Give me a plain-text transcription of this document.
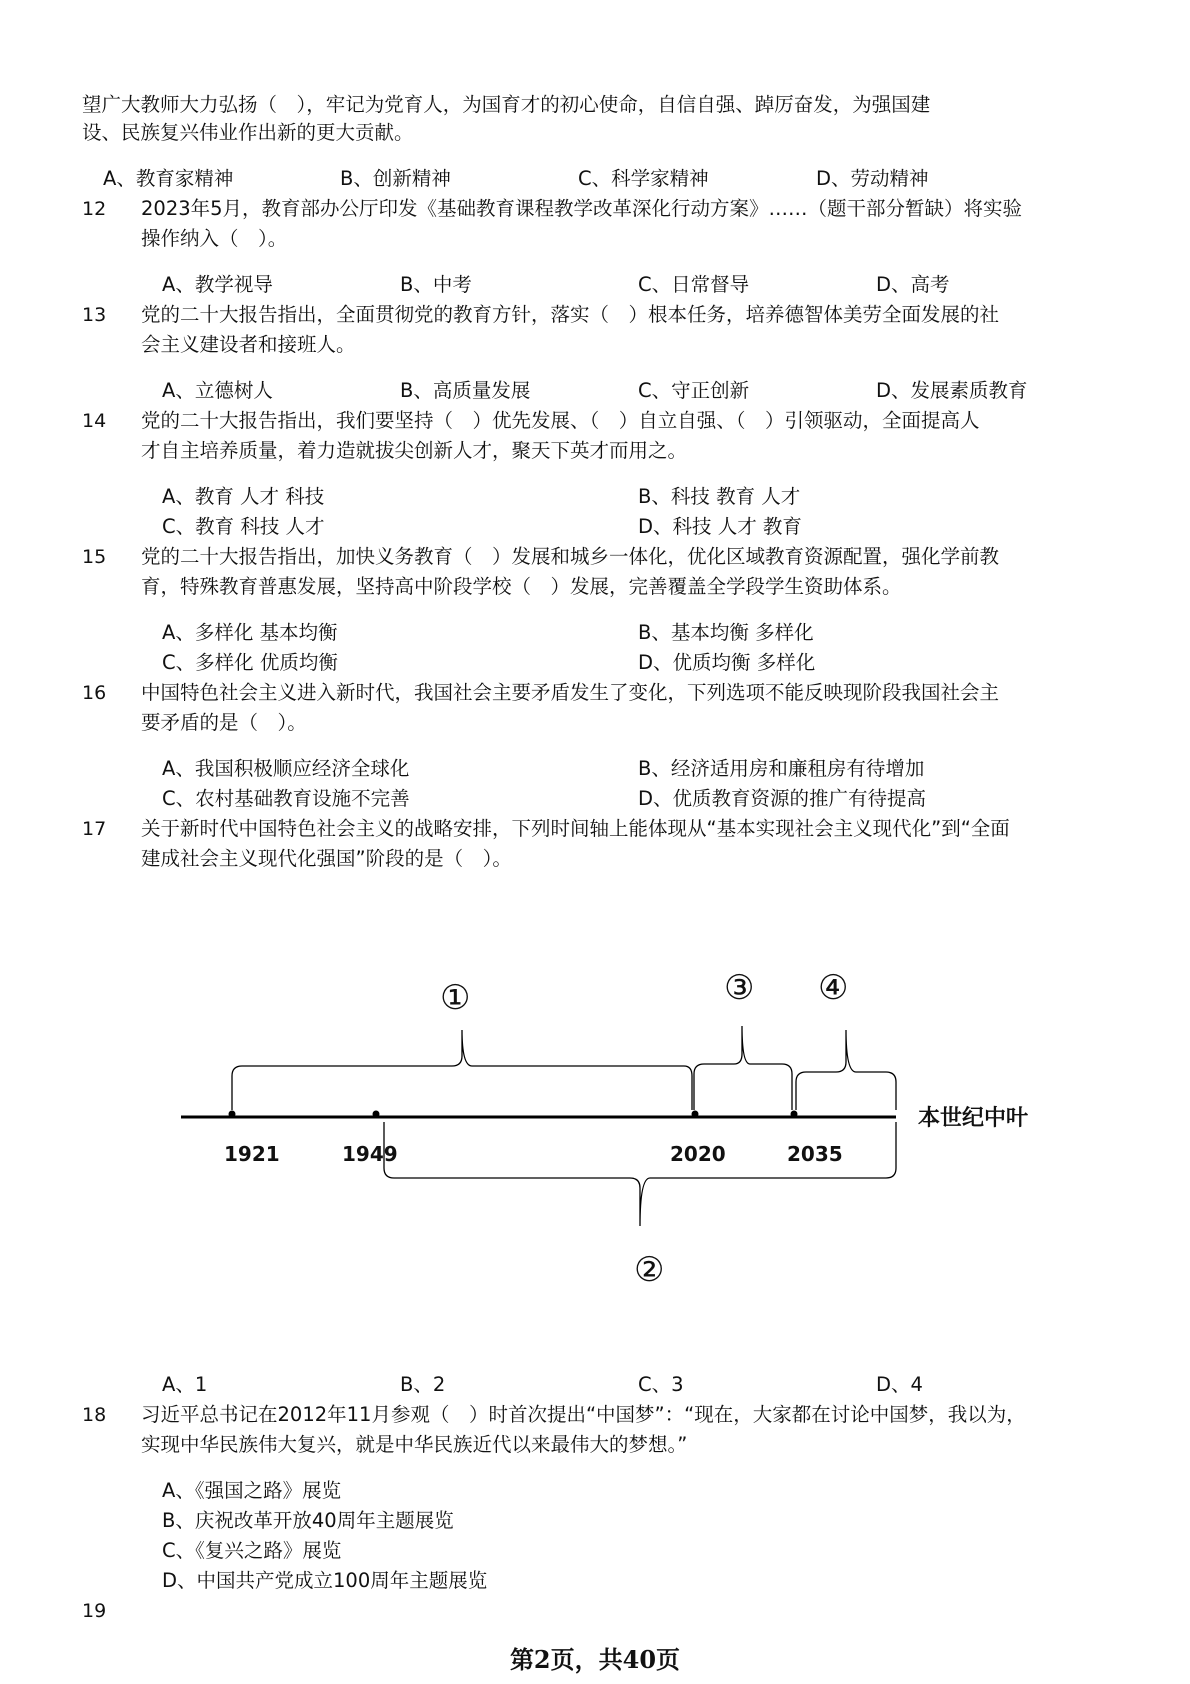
望广大教师大力弘扬（　），牢记为党育人，为国育才的初心使命，自信自强、踔厉奋发，为强国建
设、民族复兴伟业作出新的更大贡献。
A、教育家精神	B、创新精神	C、科学家精神	D、劳动精神
12 2023年5月，教育部办公厅印发《基础教育课程教学改革深化行动方案》……（题干部分暂缺）将实验
操作纳入（　）。
A、教学视导	B、中考	C、日常督导	D、高考
13 党的二十大报告指出，全面贯彻党的教育方针，落实（　）根本任务，培养德智体美劳全面发展的社
会主义建设者和接班人。
A、立德树人	B、高质量发展	C、守正创新	D、发展素质教育
14 党的二十大报告指出，我们要坚持（　）优先发展、（　）自立自强、（　）引领驱动，全面提高人
才自主培养质量，着力造就拔尖创新人才，聚天下英才而用之。
A、教育 人才 科技	B、科技 教育 人才
C、教育 科技 人才	D、科技 人才 教育
15 党的二十大报告指出，加快义务教育（　）发展和城乡一体化，优化区域教育资源配置，强化学前教
育，特殊教育普惠发展，坚持高中阶段学校（　）发展，完善覆盖全学段学生资助体系。
A、多样化 基本均衡	B、基本均衡 多样化
C、多样化 优质均衡	D、优质均衡 多样化
16 中国特色社会主义进入新时代，我国社会主要矛盾发生了变化，下列选项不能反映现阶段我国社会主
要矛盾的是（　）。
A、我国积极顺应经济全球化	B、经济适用房和廉租房有待增加
C、农村基础教育设施不完善	D、优质教育资源的推广有待提高
17 关于新时代中国特色社会主义的战略安排，下列时间轴上能体现从“基本实现社会主义现代化”到“全面
建成社会主义现代化强国”阶段的是（　）。
1921	1949	2020	2035
本世纪中叶
①	③ ④
②
A、1	B、2	C、3	D、4
18 习近平总书记在2012年11月参观（　）时首次提出“中国梦”：“现在，大家都在讨论中国梦，我以为，
实现中华民族伟大复兴，就是中华民族近代以来最伟大的梦想。”
A、《强国之路》展览
B、庆祝改革开放40周年主题展览
C、《复兴之路》展览
D、中国共产党成立100周年主题展览
19
第2页，共40页
